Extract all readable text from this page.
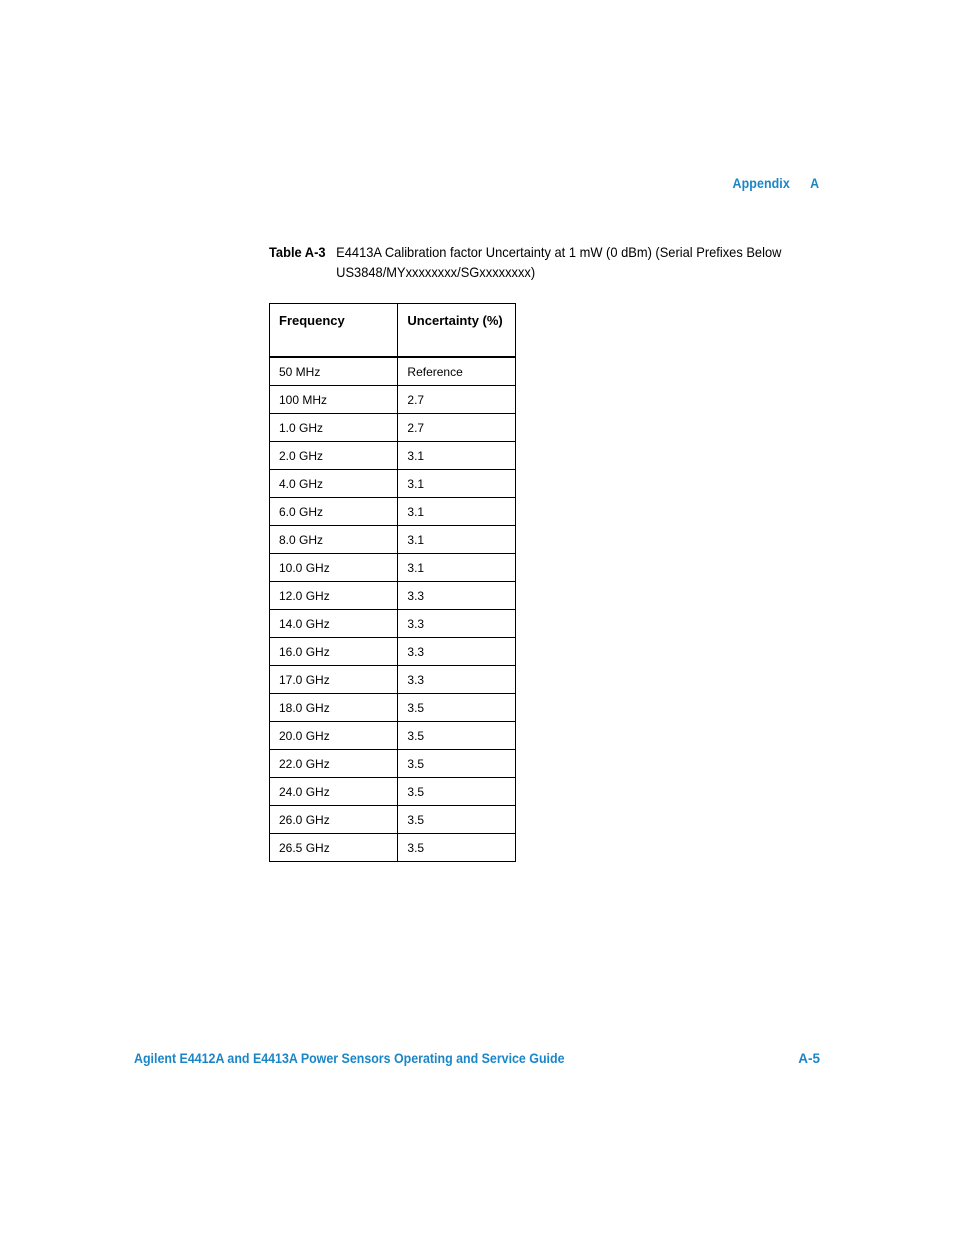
Appendix A
Table A-3 E4413A Calibration factor Uncertainty at 1 mW (0 dBm) (Serial Prefixes Below US3848/MYxxxxxxxx/SGxxxxxxxx)
Frequency	Uncertainty (%)
50 MHz	Reference
100 MHz	2.7
1.0 GHz	2.7
2.0 GHz	3.1
4.0 GHz	3.1
6.0 GHz	3.1
8.0 GHz	3.1
10.0 GHz	3.1
12.0 GHz	3.3
14.0 GHz	3.3
16.0 GHz	3.3
17.0 GHz	3.3
18.0 GHz	3.5
20.0 GHz	3.5
22.0 GHz	3.5
24.0 GHz	3.5
26.0 GHz	3.5
26.5 GHz	3.5
Agilent E4412A and E4413A Power Sensors Operating and Service Guide	A-5
